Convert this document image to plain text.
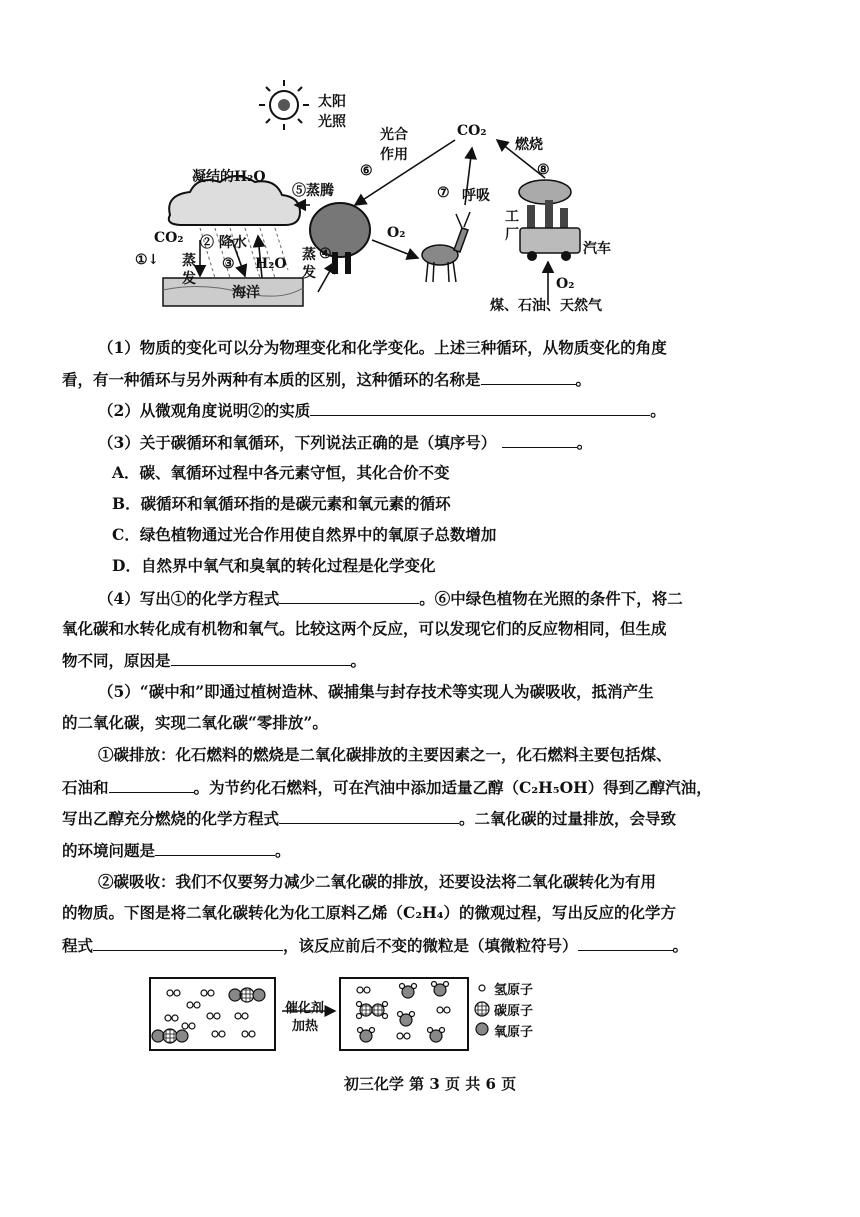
太阳光照
光合作用
CO₂
燃烧
凝结的H₂O
⑤蒸腾
⑥
⑦ 呼吸
⑧
工厂
汽车
O₂
煤、石油、天然气
O₂
CO₂
①↓
② 降水
蒸发
③ H₂O
海洋
④
蒸发
（1）物质的变化可以分为物理变化和化学变化。上述三种循环，从物质变化的角度
看，有一种循环与另外两种有本质的区别，这种循环的名称是	。
（2）从微观角度说明②的实质	。
（3）关于碳循环和氧循环，下列说法正确的是（填序号）	。
A．碳、氧循环过程中各元素守恒，其化合价不变
B．碳循环和氧循环指的是碳元素和氧元素的循环
C．绿色植物通过光合作用使自然界中的氧原子总数增加
D．自然界中氧气和臭氧的转化过程是化学变化
（4）写出①的化学方程式	。⑥中绿色植物在光照的条件下，将二
氧化碳和水转化成有机物和氧气。比较这两个反应，可以发现它们的反应物相同，但生成
物不同，原因是	。
（5）“碳中和”即通过植树造林、碳捕集与封存技术等实现人为碳吸收，抵消产生
的二氧化碳，实现二氧化碳“零排放”。
①碳排放：化石燃料的燃烧是二氧化碳排放的主要因素之一，化石燃料主要包括煤、
石油和	。为节约化石燃料，可在汽油中添加适量乙醇（C₂H₅OH）得到乙醇汽油，
写出乙醇充分燃烧的化学方程式	。二氧化碳的过量排放，会导致
的环境问题是	。
②碳吸收：我们不仅要努力减少二氧化碳的排放，还要设法将二氧化碳转化为有用
的物质。下图是将二氧化碳转化为化工原料乙烯（C₂H₄）的微观过程，写出反应的化学方
程式	，该反应前后不变的微粒是（填微粒符号）	。
催化剂
加热
氢原子
碳原子
氧原子
初三化学 第 3 页 共 6 页
